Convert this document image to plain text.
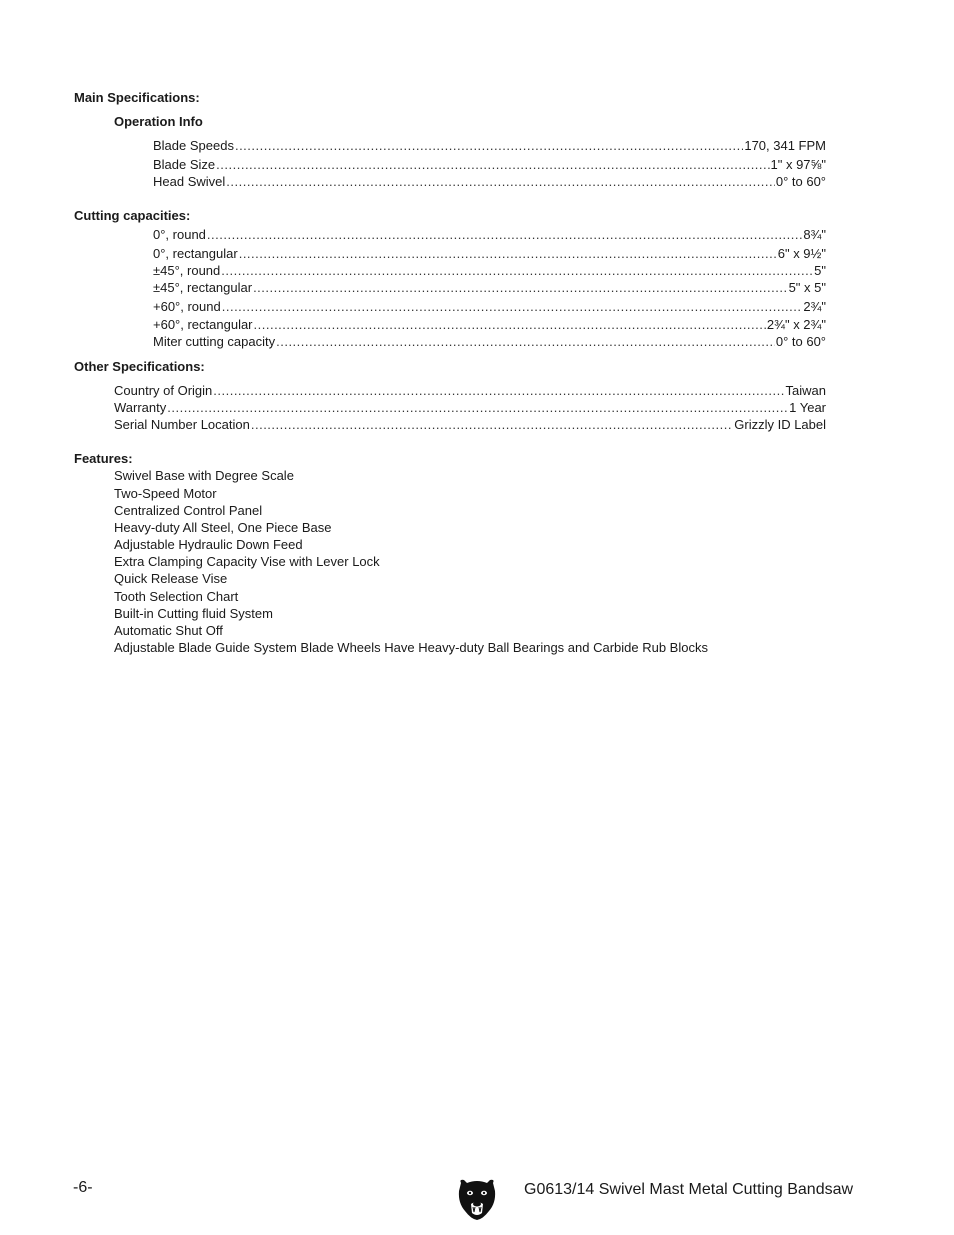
Main Specifications:
Operation Info
Blade Speeds .....	170, 341 FPM
Blade Size .....	1" x 97⅝"
Head Swivel .....	0° to 60°
Cutting capacities:
0°, round .....	8¾"
0°, rectangular .....	6" x 9½"
±45°, round .....	5"
±45°, rectangular .....	5" x 5"
+60°, round .....	2¾"
+60°, rectangular .....	2¾" x 2¾"
Miter cutting capacity .....	0° to 60°
Other Specifications:
Country of Origin .....	Taiwan
Warranty .....	1 Year
Serial Number Location .....	Grizzly ID Label
Features:
Swivel Base with Degree Scale
Two-Speed Motor
Centralized Control Panel
Heavy-duty All Steel, One Piece Base
Adjustable Hydraulic Down Feed
Extra Clamping Capacity Vise with Lever Lock
Quick Release Vise
Tooth Selection Chart
Built-in Cutting fluid System
Automatic Shut Off
Adjustable Blade Guide System Blade Wheels Have Heavy-duty Ball Bearings and Carbide Rub Blocks
-6-	G0613/14 Swivel Mast Metal Cutting Bandsaw
